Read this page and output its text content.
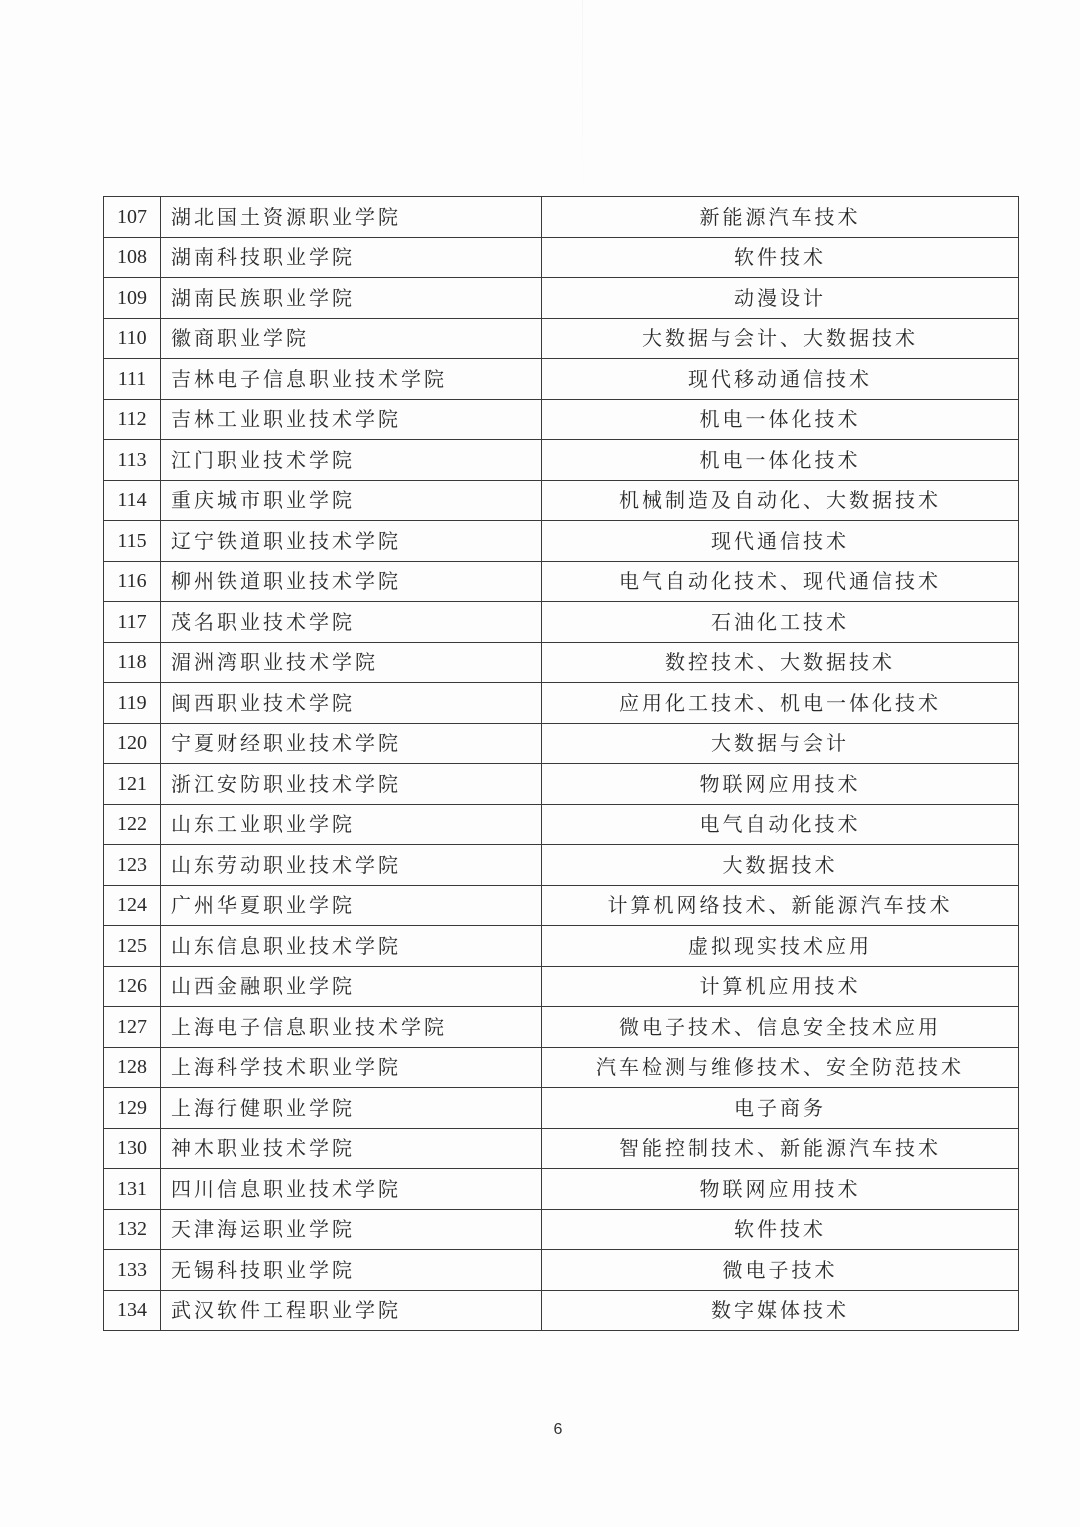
107	湖北国土资源职业学院	新能源汽车技术
108	湖南科技职业学院	软件技术
109	湖南民族职业学院	动漫设计
110	徽商职业学院	大数据与会计、大数据技术
111	吉林电子信息职业技术学院	现代移动通信技术
112	吉林工业职业技术学院	机电一体化技术
113	江门职业技术学院	机电一体化技术
114	重庆城市职业学院	机械制造及自动化、大数据技术
115	辽宁铁道职业技术学院	现代通信技术
116	柳州铁道职业技术学院	电气自动化技术、现代通信技术
117	茂名职业技术学院	石油化工技术
118	湄洲湾职业技术学院	数控技术、大数据技术
119	闽西职业技术学院	应用化工技术、机电一体化技术
120	宁夏财经职业技术学院	大数据与会计
121	浙江安防职业技术学院	物联网应用技术
122	山东工业职业学院	电气自动化技术
123	山东劳动职业技术学院	大数据技术
124	广州华夏职业学院	计算机网络技术、新能源汽车技术
125	山东信息职业技术学院	虚拟现实技术应用
126	山西金融职业学院	计算机应用技术
127	上海电子信息职业技术学院	微电子技术、信息安全技术应用
128	上海科学技术职业学院	汽车检测与维修技术、安全防范技术
129	上海行健职业学院	电子商务
130	神木职业技术学院	智能控制技术、新能源汽车技术
131	四川信息职业技术学院	物联网应用技术
132	天津海运职业学院	软件技术
133	无锡科技职业学院	微电子技术
134	武汉软件工程职业学院	数字媒体技术
6
